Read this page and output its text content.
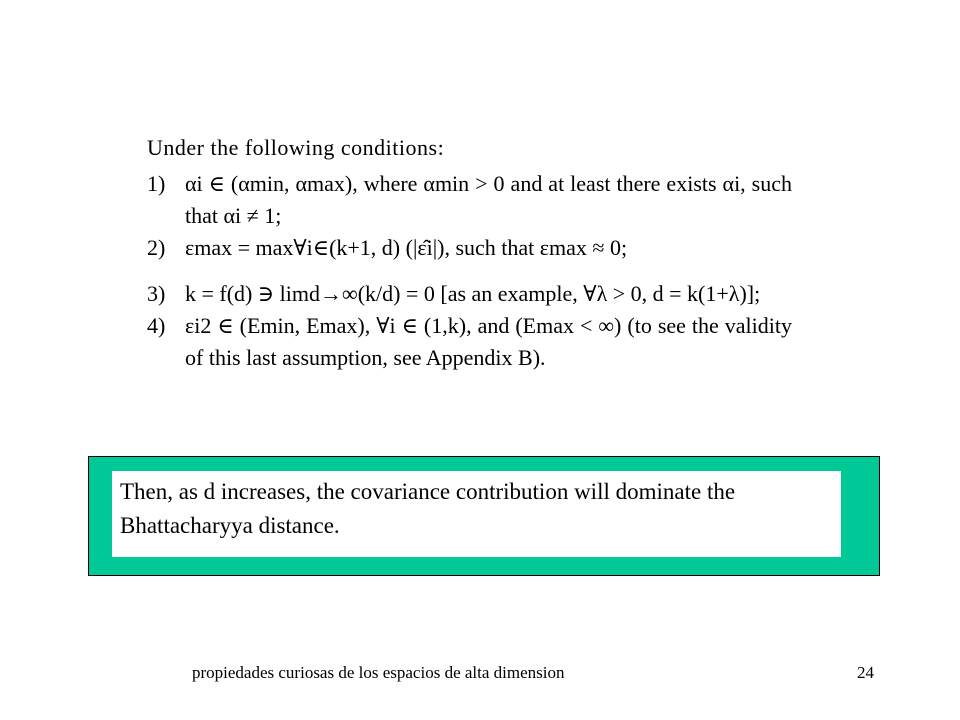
Under the following conditions:
1) αi ∈ (αmin, αmax), where αmin > 0 and at least there exists αi, such that αi ≠ 1;
2) εmax = max∀i∈(k+1, d) (|ε̂i|), such that εmax ≈ 0;
3) k = f(d) ∋ limd→∞(k/d) = 0 [as an example, ∀λ > 0, d = k(1+λ)];
4) εi2 ∈ (Emin, Emax), ∀i ∈ (1,k), and (Emax < ∞) (to see the validity of this last assumption, see Appendix B).
Then, as d increases, the covariance contribution will dominate the Bhattacharyya distance.
propiedades curiosas de los espacios de alta dimension	24
